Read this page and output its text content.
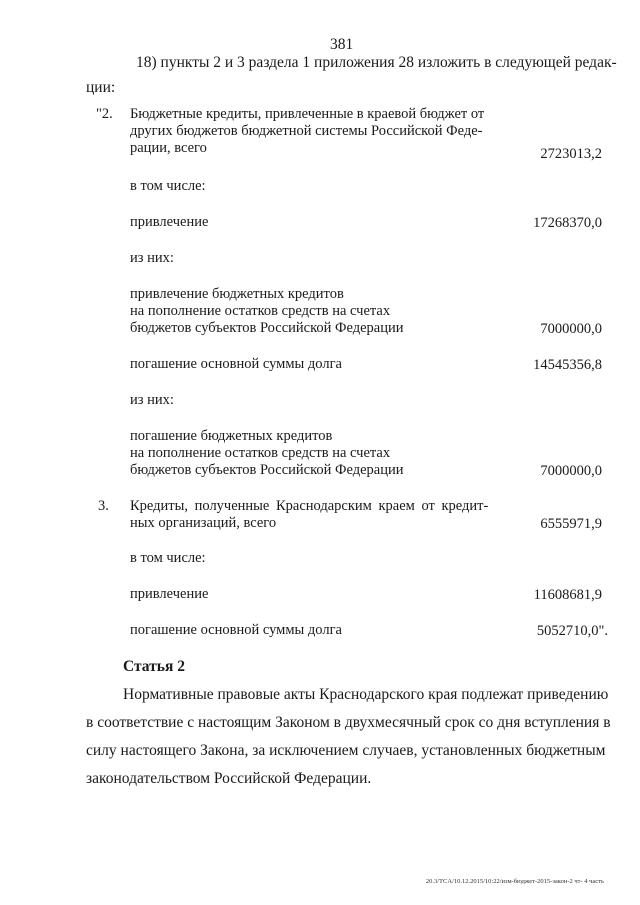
381
18) пункты 2 и 3 раздела 1 приложения 28 изложить в следующей редак-
ции:
"2. Бюджетные кредиты, привлеченные в краевой бюджет от
других бюджетов бюджетной системы Российской Феде-
рации, всего	2723013,2
в том числе:
привлечение	17268370,0
из них:
привлечение бюджетных кредитов
на пополнение остатков средств на счетах
бюджетов субъектов Российской Федерации	7000000,0
погашение основной суммы долга	14545356,8
из них:
погашение бюджетных кредитов
на пополнение остатков средств на счетах
бюджетов субъектов Российской Федерации	7000000,0
3. Кредиты, полученные Краснодарским краем от кредит-
ных организаций, всего	6555971,9
в том числе:
привлечение	11608681,9
погашение основной суммы долга	5052710,0".
Статья 2
Нормативные правовые акты Краснодарского края подлежат приведению
в соответствие с настоящим Законом в двухмесячный срок со дня вступления в
силу настоящего Закона, за исключением случаев, установленных бюджетным
законодательством Российской Федерации.
20.3/TCA/10.12.2015/10:22/изм-бюджет-2015-закон-2 чт- 4 часть
